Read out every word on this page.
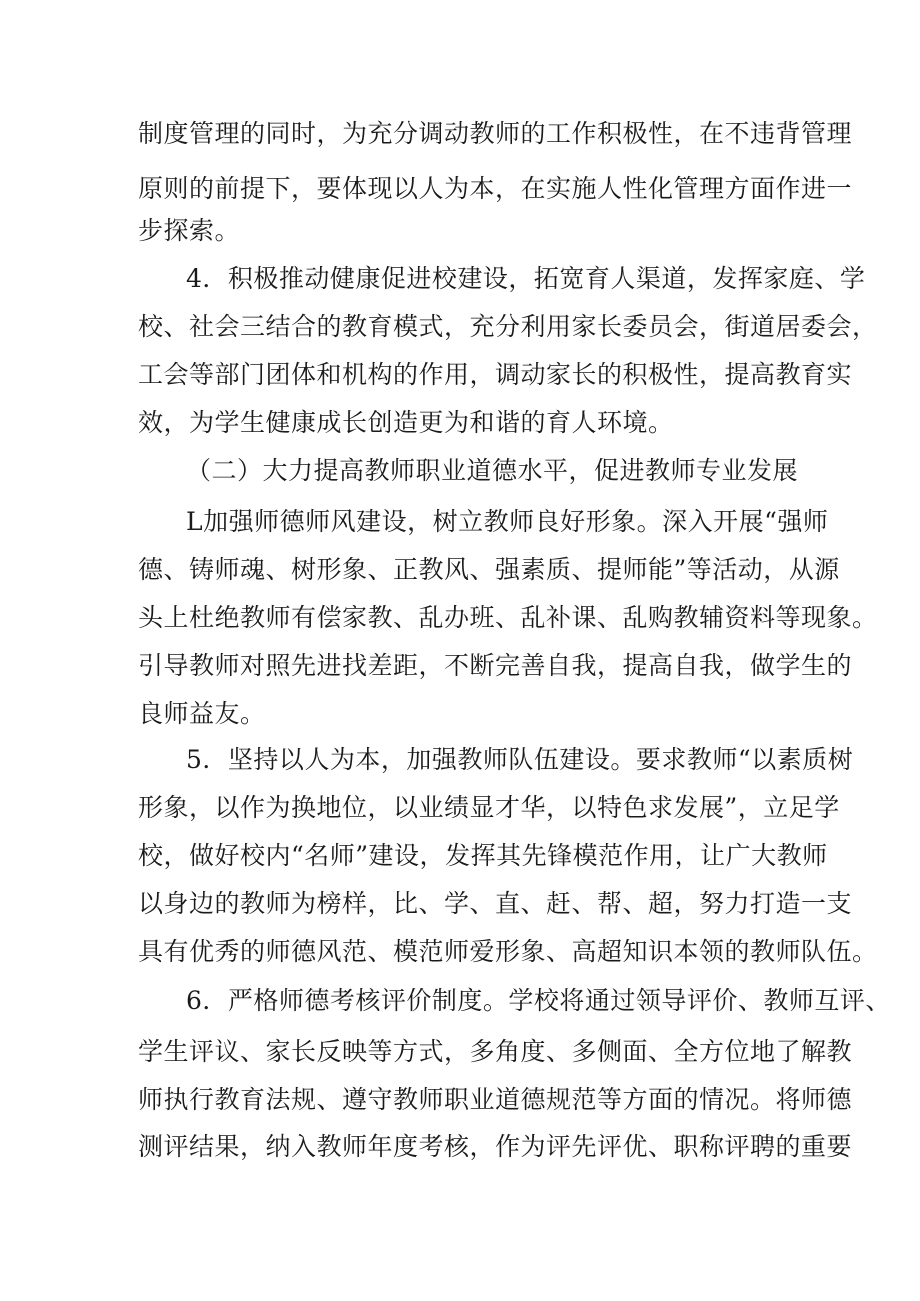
制度管理的同时，为充分调动教师的工作积极性，在不违背管理
原则的前提下，要体现以人为本，在实施人性化管理方面作进一
步探索。
4．积极推动健康促进校建设，拓宽育人渠道，发挥家庭、学
校、社会三结合的教育模式，充分利用家长委员会，街道居委会，
工会等部门团体和机构的作用，调动家长的积极性，提高教育实
效，为学生健康成长创造更为和谐的育人环境。
（二）大力提高教师职业道德水平，促进教师专业发展
L加强师德师风建设，树立教师良好形象。深入开展“强师
德、铸师魂、树形象、正教风、强素质、提师能”等活动，从源
头上杜绝教师有偿家教、乱办班、乱补课、乱购教辅资料等现象。
引导教师对照先进找差距，不断完善自我，提高自我，做学生的
良师益友。
5．坚持以人为本，加强教师队伍建设。要求教师“以素质树
形象，以作为换地位，以业绩显才华，以特色求发展”，立足学
校，做好校内“名师”建设，发挥其先锋模范作用，让广大教师
以身边的教师为榜样，比、学、直、赶、帮、超，努力打造一支
具有优秀的师德风范、模范师爱形象、高超知识本领的教师队伍。
6．严格师德考核评价制度。学校将通过领导评价、教师互评、
学生评议、家长反映等方式，多角度、多侧面、全方位地了解教
师执行教育法规、遵守教师职业道德规范等方面的情况。将师德
测评结果，纳入教师年度考核，作为评先评优、职称评聘的重要
